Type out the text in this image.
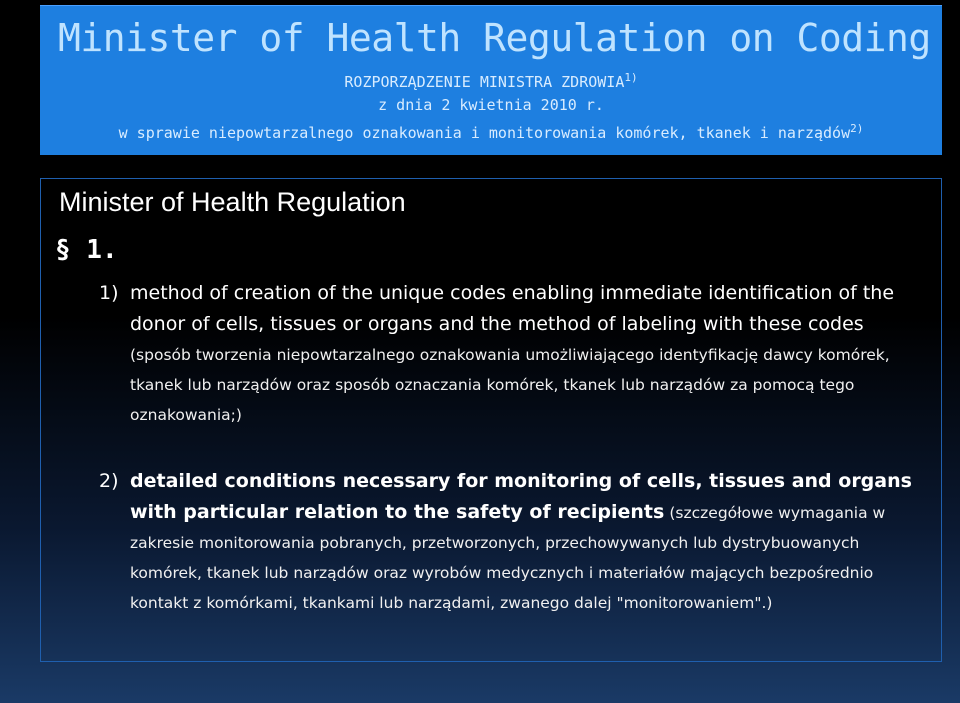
Minister of Health Regulation on Coding
ROZPORZĄDZENIE MINISTRA ZDROWIA$^{1)}$
z dnia 2 kwietnia 2010 r.
w sprawie niepowtarzalnego oznakowania i monitorowania komórek, tkanek i narządów$^{2)}$
Minister of Health Regulation
§ 1.
1) method of creation of the unique codes enabling immediate identification of the donor of cells, tissues or organs and the method of labeling with these codes (sposób tworzenia niepowtarzalnego oznakowania umożliwiającego identyfikację dawcy komórek, tkanek lub narządów oraz sposób oznaczania komórek, tkanek lub narządów za pomocą tego oznakowania;)
2) detailed conditions necessary for monitoring of cells, tissues and organs with particular relation to the safety of recipients (szczegółowe wymagania w zakresie monitorowania pobranych, przetworzonych, przechowywanych lub dystrybuowanych komórek, tkanek lub narządów oraz wyrobów medycznych i materiałów mających bezpośrednio kontakt z komórkami, tkankami lub narządami, zwanego dalej "monitorowaniem".)
